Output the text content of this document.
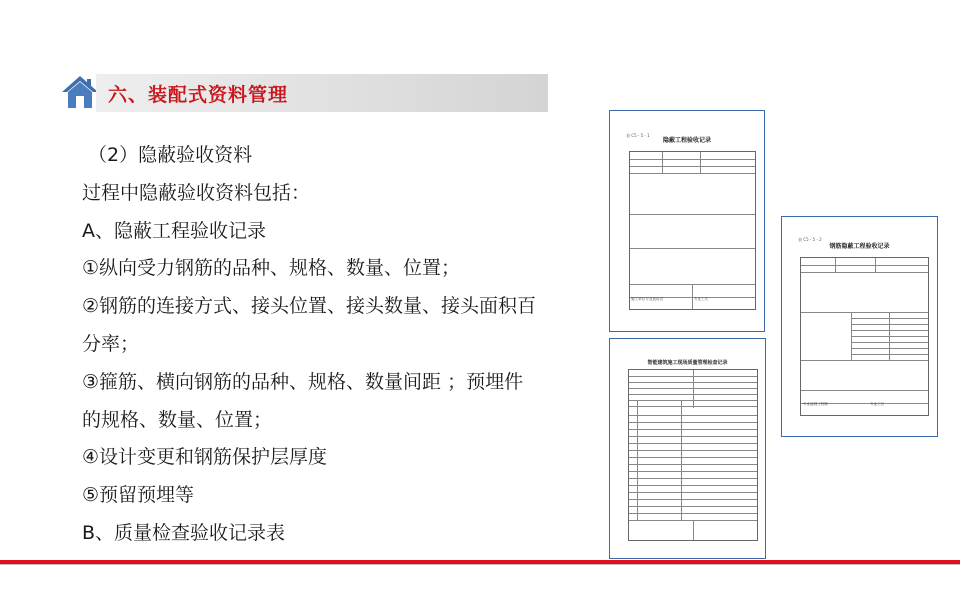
六、装配式资料管理

（2）隐蔽验收资料

过程中隐蔽验收资料包括：

A、隐蔽工程验收记录

①纵向受力钢筋的品种、规格、数量、位置；

②钢筋的连接方式、接头位置、接头数量、接头面积百

分率；

③箍筋、横向钢筋的品种、规格、数量间距 ；预埋件

的规格、数量、位置；

④设计变更和钢筋保护层厚度

⑤预留预埋等

B、质量检查验收记录表

表 C5 - 5 - 1
隐蔽工程验收记录
施工单位专业质检员	专业工长
表 C5 - 5 - 2
钢筋隐蔽工程验收记录
专业监理工程师	专业工长
智能建筑施工现场质量管理检查记录
